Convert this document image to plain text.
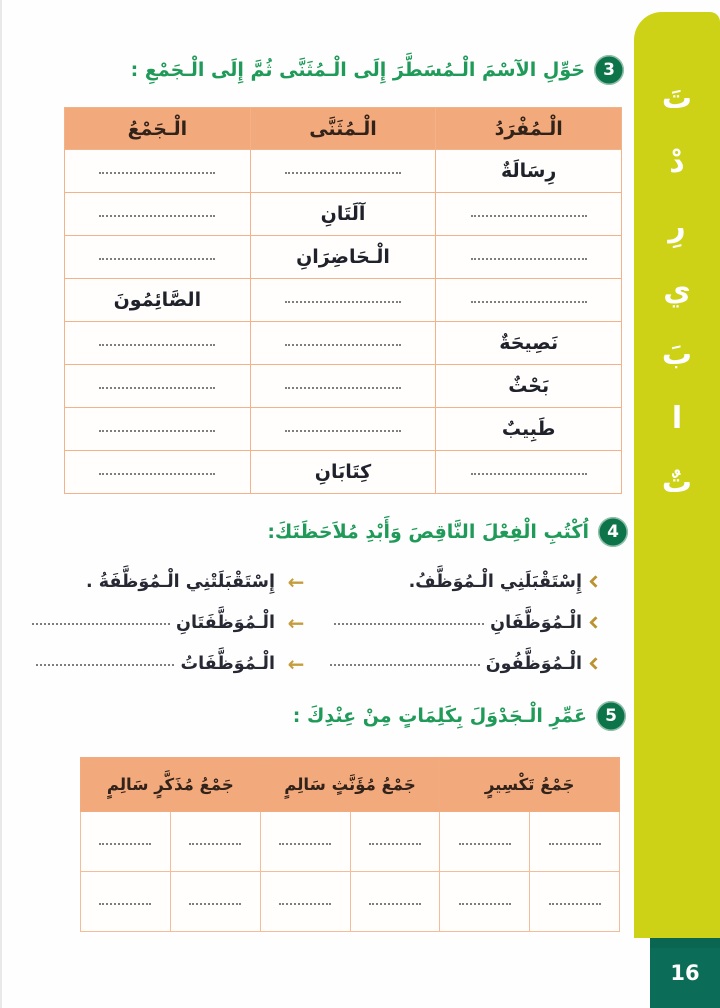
تَ
دْ
رِ
ي
بَ
ا
تٌ
16
3
حَوِّلِ الآسْمَ الْـمُسَطَّرَ إِلَى الْـمُثَنَّى ثُمَّ إِلَى الْـجَمْعِ :
الْـمُفْرَدُ	الْـمُثَنَّى	الْـجَمْعُ
رِسَالَةٌ		
	آلَتَانِ	
	الْـحَاضِرَانِ	
		الصَّائِمُونَ
نَصِيحَةٌ		
بَحْثٌ		
طَبِيبٌ		
	كِتَابَانِ	
4
اُكْتُبِ الْفِعْلَ النَّاقِصَ وَأَبْدِ مُلاَحَظَتَكَ:
إِسْتَقْبَلَنِي الْـمُوَظَّفُ.
←
إِسْتَقْبَلَتْنِي الْـمُوَظَّفَةُ .
الْـمُوَظَّفَانِ
←
الْـمُوَظَّفَتَانِ
الْـمُوَظَّفُونَ
←
الْـمُوَظَّفَاتُ
5
عَمِّرِ الْـجَدْوَلَ بِكَلِمَاتٍ مِنْ عِنْدِكَ :
جَمْعُ تَكْسِيرٍ		جَمْعُ مُؤَنَّثٍ سَالِمٍ		جَمْعُ مُذَكَّرٍ سَالِمٍ	
